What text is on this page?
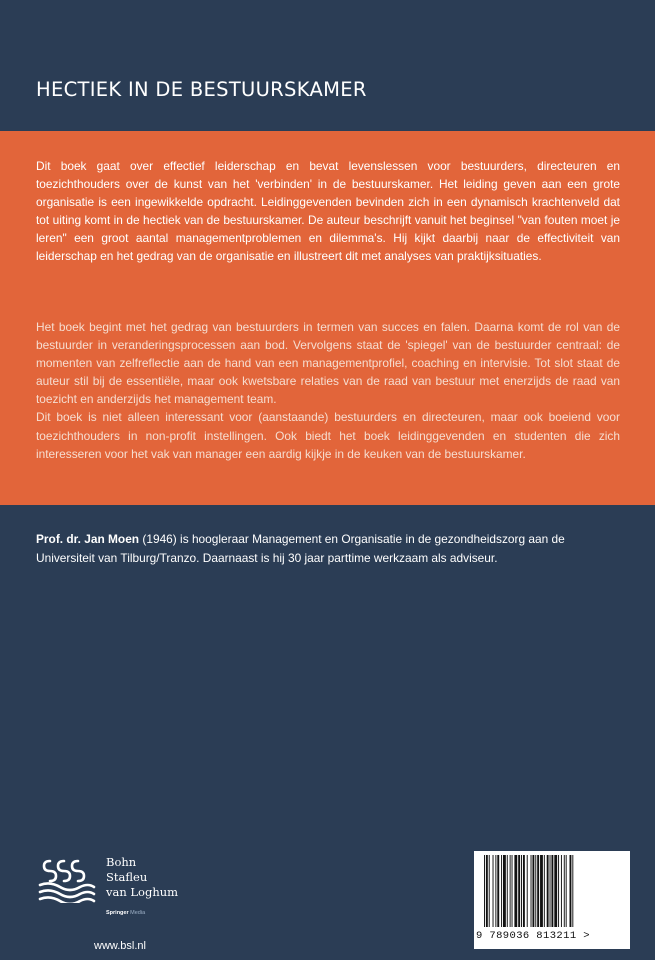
HECTIEK IN DE BESTUURSKAMER

Dit boek gaat over effectief leiderschap en bevat levenslessen voor bestuurders, directeuren en toezichthouders over de kunst van het 'verbinden' in de bestuurskamer. Het leiding geven aan een grote organisatie is een ingewikkelde opdracht. Leidinggevenden bevinden zich in een dynamisch krachtenveld dat tot uiting komt in de hectiek van de bestuurskamer. De auteur beschrijft vanuit het beginsel "van fouten moet je leren" een groot aantal managementproblemen en dilemma's. Hij kijkt daarbij naar de effectiviteit van leiderschap en het gedrag van de organisatie en illustreert dit met analyses van praktijksituaties.

Het boek begint met het gedrag van bestuurders in termen van succes en falen. Daarna komt de rol van de bestuurder in veranderingsprocessen aan bod. Vervolgens staat de 'spiegel' van de bestuurder centraal: de momenten van zelfreflectie aan de hand van een managementprofiel, coaching en intervisie. Tot slot staat de auteur stil bij de essentiële, maar ook kwetsbare relaties van de raad van bestuur met enerzijds de raad van toezicht en anderzijds het management team.
Dit boek is niet alleen interessant voor (aanstaande) bestuurders en directeuren, maar ook boeiend voor toezichthouders in non-profit instellingen. Ook biedt het boek leidinggevenden en studenten die zich interesseren voor het vak van manager een aardig kijkje in de keuken van de bestuurskamer.

Prof. dr. Jan Moen (1946) is hoogleraar Management en Organisatie in de gezondheidszorg aan de Universiteit van Tilburg/Tranzo. Daarnaast is hij 30 jaar parttime werkzaam als adviseur.

Bohn
Stafleu
van Loghum
Springer Media
www.bsl.nl
9 789036 813211 >
